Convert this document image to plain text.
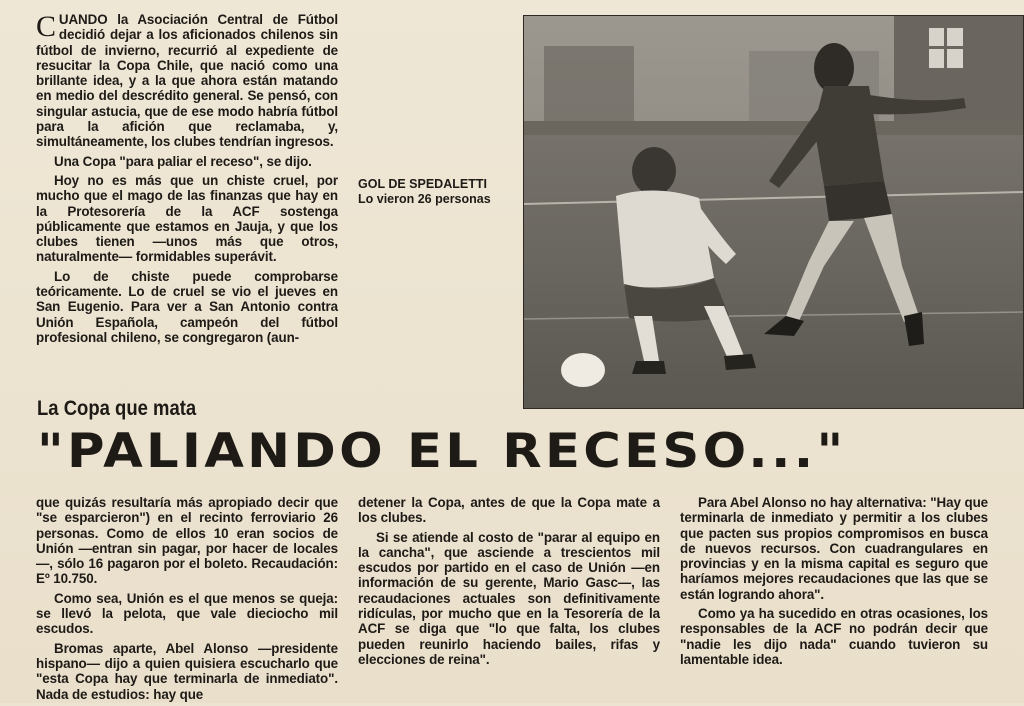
CUANDO la Asociación Central de Fútbol decidió dejar a los aficionados chilenos sin fútbol de invierno, recurrió al expediente de resucitar la Copa Chile, que nació como una brillante idea, y a la que ahora están matando en medio del descrédito general. Se pensó, con singular astucia, que de ese modo habría fútbol para la afición que reclamaba, y, simultáneamente, los clubes tendrían ingresos.

Una Copa "para paliar el receso", se dijo.

Hoy no es más que un chiste cruel, por mucho que el mago de las finanzas que hay en la Protesorería de la ACF sostenga públicamente que estamos en Jauja, y que los clubes tienen —unos más que otros, naturalmente— formidables superávit.

Lo de chiste puede comprobarse teóricamente. Lo de cruel se vio el jueves en San Eugenio. Para ver a San Antonio contra Unión Española, campeón del fútbol profesional chileno, se congregaron (aun-

GOL DE SPEDALETTI
Lo vieron 26 personas
La Copa que mata
"PALIANDO EL RECESO..."

que quizás resultaría más apropiado decir que "se esparcieron") en el recinto ferroviario 26 personas. Como de ellos 10 eran socios de Unión —entran sin pagar, por hacer de locales—, sólo 16 pagaron por el boleto. Recaudación: Eº 10.750.

Como sea, Unión es el que menos se queja: se llevó la pelota, que vale dieciocho mil escudos.

Bromas aparte, Abel Alonso —presidente hispano— dijo a quien quisiera escucharlo que "esta Copa hay que terminarla de inmediato". Nada de estudios: hay que

detener la Copa, antes de que la Copa mate a los clubes.

Si se atiende al costo de "parar al equipo en la cancha", que asciende a trescientos mil escudos por partido en el caso de Unión —en información de su gerente, Mario Gasc—, las recaudaciones actuales son definitivamente ridículas, por mucho que en la Tesorería de la ACF se diga que "lo que falta, los clubes pueden reunirlo haciendo bailes, rifas y elecciones de reina".

Para Abel Alonso no hay alternativa: "Hay que terminarla de inmediato y permitir a los clubes que pacten sus propios compromisos en busca de nuevos recursos. Con cuadrangulares en provincias y en la misma capital es seguro que haríamos mejores recaudaciones que las que se están logrando ahora".

Como ya ha sucedido en otras ocasiones, los responsables de la ACF no podrán decir que "nadie les dijo nada" cuando tuvieron su lamentable idea.
